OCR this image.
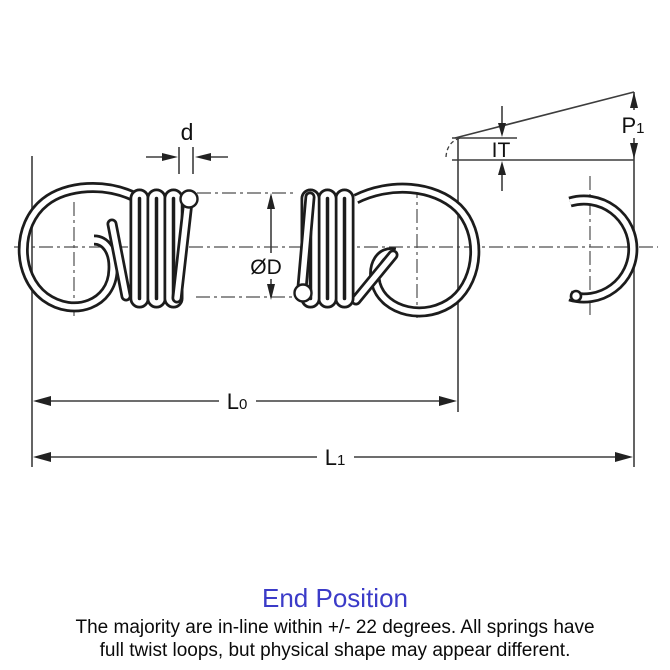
d
IT
P1
ØD
L0
L1
End Position
The majority are in-line within +/- 22 degrees. All springs have
full twist loops, but physical shape may appear different.
